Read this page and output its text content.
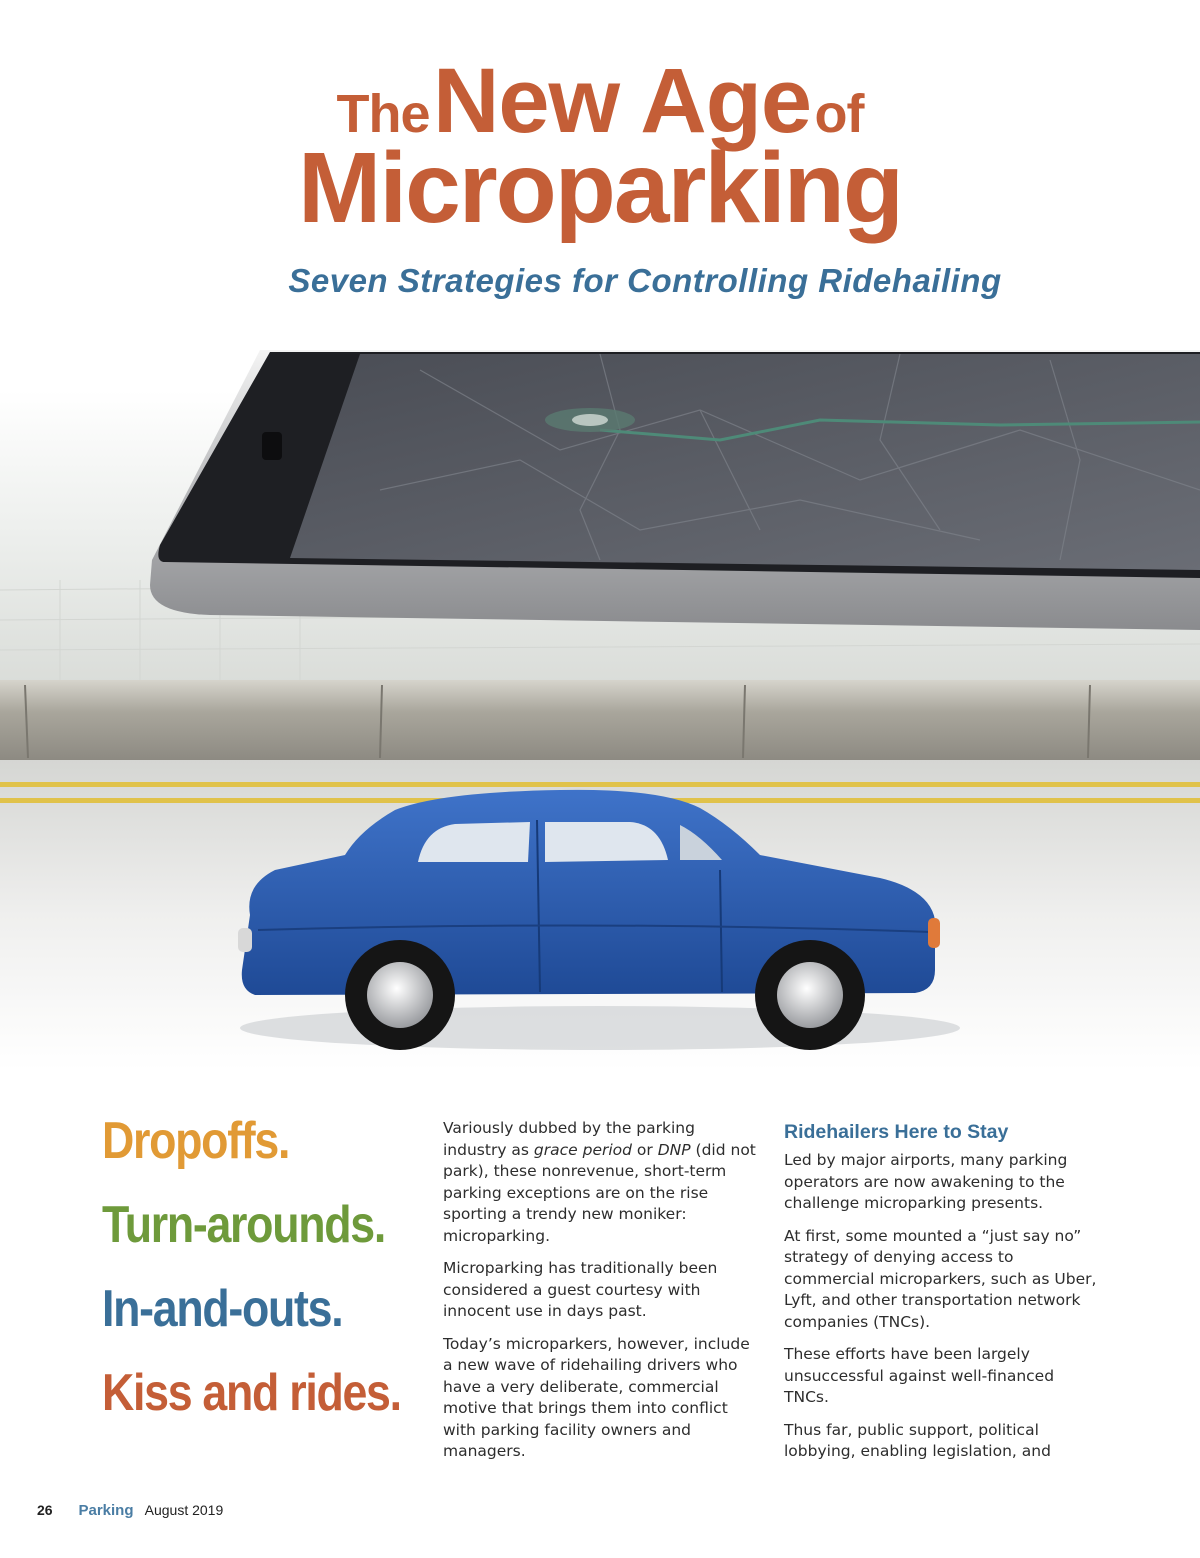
The New Age of
Microparking
Seven Strategies for Controlling Ridehailing
Dropoffs.
Turn-arounds.
In-and-outs.
Kiss and rides.

Variously dubbed by the parking industry as grace period or DNP (did not park), these nonrevenue, short-term parking exceptions are on the rise sporting a trendy new moniker: microparking.

Microparking has traditionally been considered a guest courtesy with innocent use in days past.

Today’s microparkers, however, include a new wave of ridehailing drivers who have a very deliberate, commercial motive that brings them into conflict with parking facility owners and managers.

Ridehailers Here to Stay

Led by major airports, many parking operators are now awakening to the challenge microparking presents.

At first, some mounted a “just say no” strategy of denying access to commercial microparkers, such as Uber, Lyft, and other transportation network companies (TNCs).

These efforts have been largely unsuccessful against well-financed TNCs.

Thus far, public support, political lobbying, enabling legislation, and

26 Parking August 2019
